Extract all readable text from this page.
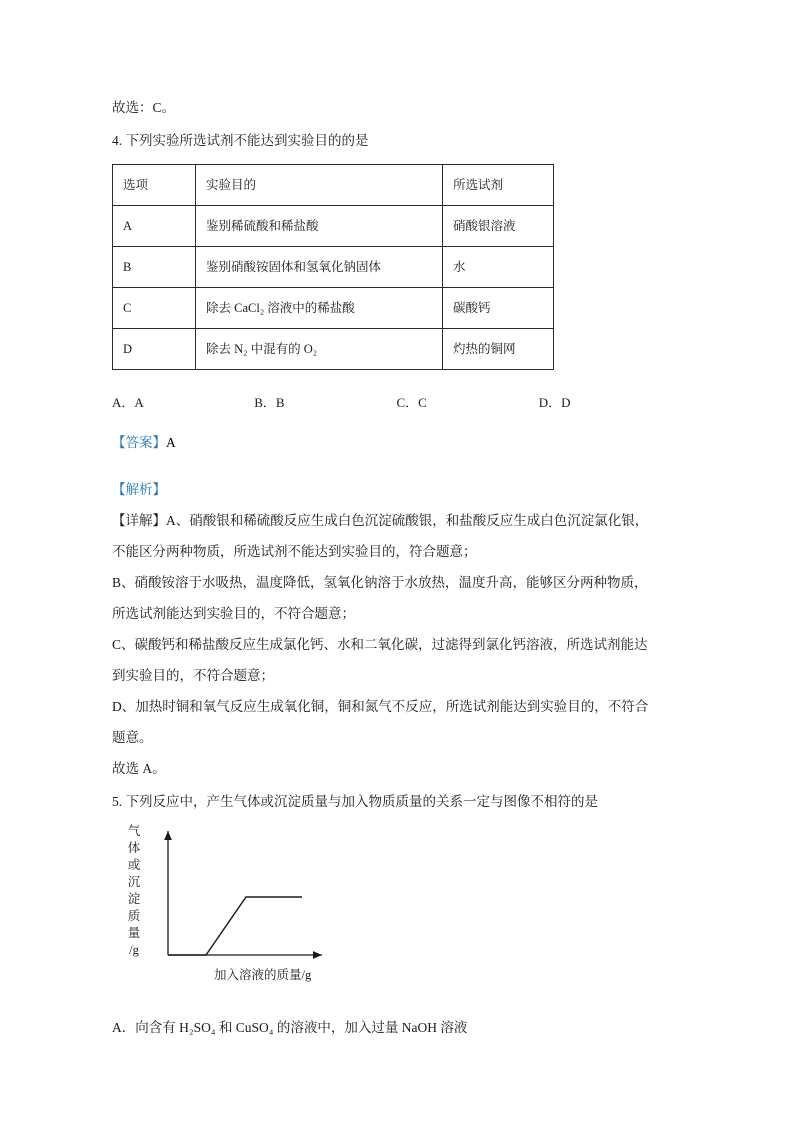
故选：C。
4. 下列实验所选试剂不能达到实验目的的是
选项	实验目的	所选试剂
A	鉴别稀硫酸和稀盐酸	硝酸银溶液
B	鉴别硝酸铵固体和氢氧化钠固体	水
C	除去 CaCl₂ 溶液中的稀盐酸	碳酸钙
D	除去 N₂ 中混有的 O₂	灼热的铜网
A．A	B．B	C．C	D．D
【答案】A
【解析】
【详解】A、硝酸银和稀硫酸反应生成白色沉淀硫酸银，和盐酸反应生成白色沉淀氯化银，
不能区分两种物质，所选试剂不能达到实验目的，符合题意；
B、硝酸铵溶于水吸热，温度降低，氢氧化钠溶于水放热，温度升高，能够区分两种物质，
所选试剂能达到实验目的，不符合题意；
C、碳酸钙和稀盐酸反应生成氯化钙、水和二氧化碳，过滤得到氯化钙溶液，所选试剂能达
到实验目的，不符合题意；
D、加热时铜和氧气反应生成氧化铜，铜和氮气不反应，所选试剂能达到实验目的，不符合
题意。
故选 A。
5. 下列反应中，产生气体或沉淀质量与加入物质质量的关系一定与图像不相符的是
气
体
或
沉
淀
质
量
/g
加入溶液的质量/g
A．向含有 H₂SO₄ 和 CuSO₄ 的溶液中，加入过量 NaOH 溶液
